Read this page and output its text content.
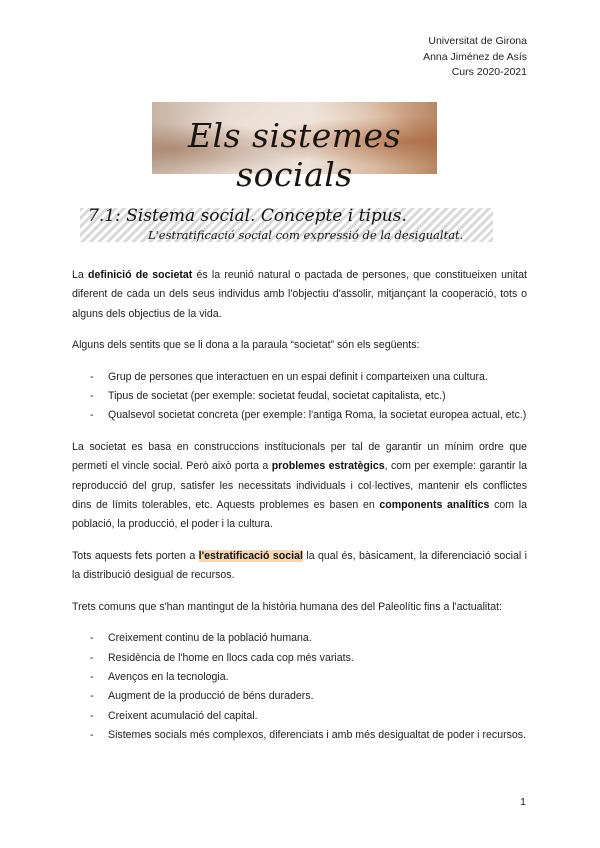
Universitat de Girona
Anna Jiménez de Asís
Curs 2020-2021
Els sistemes socials
7.1: Sistema social. Concepte i tipus.
L'estratificació social com expressió de la desigualtat.

La definició de societat és la reunió natural o pactada de persones, que constitueixen unitat diferent de cada un dels seus individus amb l'objectiu d'assolir, mitjançant la cooperació, tots o alguns dels objectius de la vida.

Alguns dels sentits que se li dona a la paraula “societat” són els següents:

- Grup de persones que interactuen en un espai definit i comparteixen una cultura.
- Tipus de societat (per exemple: societat feudal, societat capitalista, etc.)
- Qualsevol societat concreta (per exemple: l'antiga Roma, la societat europea actual, etc.)

La societat es basa en construccions institucionals per tal de garantir un mínim ordre que permeti el vincle social. Però això porta a problemes estratègics, com per exemple: garantir la reproducció del grup, satisfer les necessitats individuals i col·lectives, mantenir els conflictes dins de límits tolerables, etc. Aquests problemes es basen en components analítics com la població, la producció, el poder i la cultura.

Tots aquests fets porten a l'estratificació social la qual és, bàsicament, la diferenciació social i la distribució desigual de recursos.

Trets comuns que s'han mantingut de la història humana des del Paleolític fins a l'actualitat:

- Creixement continu de la població humana.
- Residència de l'home en llocs cada cop més variats.
- Avenços en la tecnologia.
- Augment de la producció de béns duraders.
- Creixent acumulació del capital.
- Sistemes socials més complexos, diferenciats i amb més desigualtat de poder i recursos.
1
